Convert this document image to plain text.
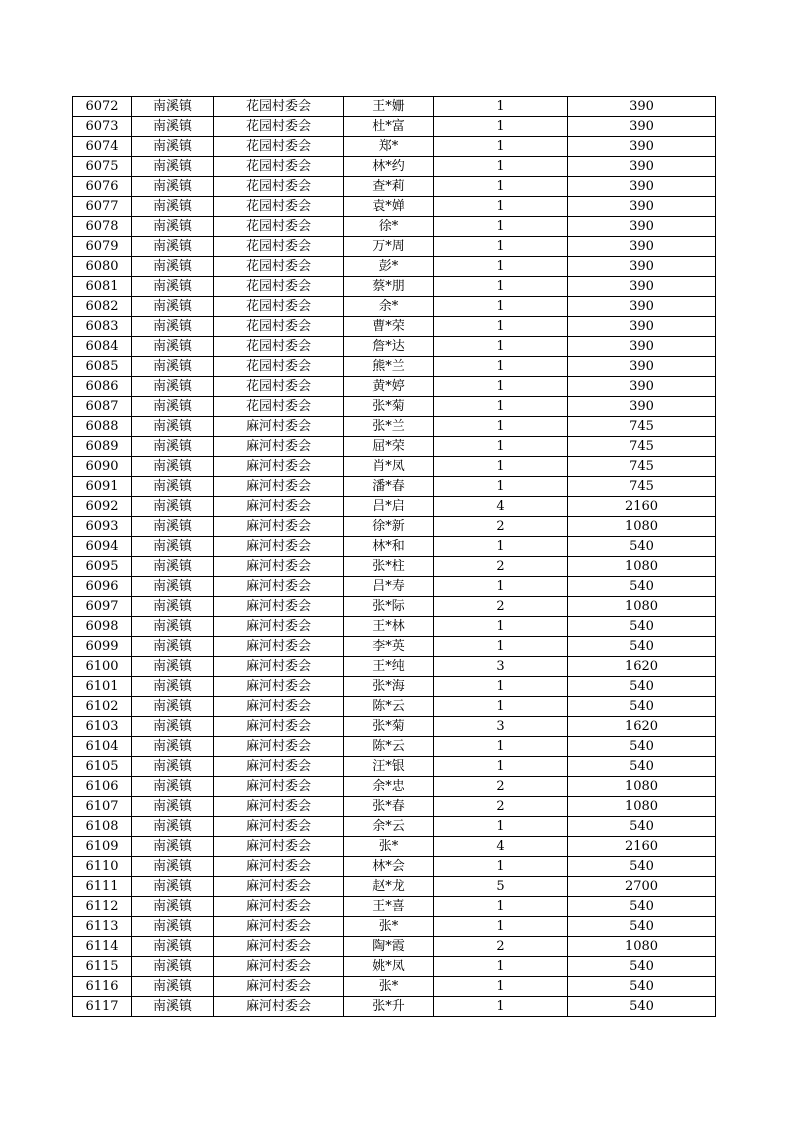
6072	南溪镇	花园村委会	王*姗	1	390
6073	南溪镇	花园村委会	杜*富	1	390
6074	南溪镇	花园村委会	郑*	1	390
6075	南溪镇	花园村委会	林*约	1	390
6076	南溪镇	花园村委会	查*莉	1	390
6077	南溪镇	花园村委会	袁*婵	1	390
6078	南溪镇	花园村委会	徐*	1	390
6079	南溪镇	花园村委会	万*周	1	390
6080	南溪镇	花园村委会	彭*	1	390
6081	南溪镇	花园村委会	蔡*朋	1	390
6082	南溪镇	花园村委会	余*	1	390
6083	南溪镇	花园村委会	曹*荣	1	390
6084	南溪镇	花园村委会	詹*达	1	390
6085	南溪镇	花园村委会	熊*兰	1	390
6086	南溪镇	花园村委会	黄*婷	1	390
6087	南溪镇	花园村委会	张*菊	1	390
6088	南溪镇	麻河村委会	张*兰	1	745
6089	南溪镇	麻河村委会	屈*荣	1	745
6090	南溪镇	麻河村委会	肖*凤	1	745
6091	南溪镇	麻河村委会	潘*春	1	745
6092	南溪镇	麻河村委会	吕*启	4	2160
6093	南溪镇	麻河村委会	徐*新	2	1080
6094	南溪镇	麻河村委会	林*和	1	540
6095	南溪镇	麻河村委会	张*柱	2	1080
6096	南溪镇	麻河村委会	吕*寿	1	540
6097	南溪镇	麻河村委会	张*际	2	1080
6098	南溪镇	麻河村委会	王*林	1	540
6099	南溪镇	麻河村委会	李*英	1	540
6100	南溪镇	麻河村委会	王*纯	3	1620
6101	南溪镇	麻河村委会	张*海	1	540
6102	南溪镇	麻河村委会	陈*云	1	540
6103	南溪镇	麻河村委会	张*菊	3	1620
6104	南溪镇	麻河村委会	陈*云	1	540
6105	南溪镇	麻河村委会	汪*银	1	540
6106	南溪镇	麻河村委会	余*忠	2	1080
6107	南溪镇	麻河村委会	张*春	2	1080
6108	南溪镇	麻河村委会	余*云	1	540
6109	南溪镇	麻河村委会	张*	4	2160
6110	南溪镇	麻河村委会	林*会	1	540
6111	南溪镇	麻河村委会	赵*龙	5	2700
6112	南溪镇	麻河村委会	王*喜	1	540
6113	南溪镇	麻河村委会	张*	1	540
6114	南溪镇	麻河村委会	陶*霞	2	1080
6115	南溪镇	麻河村委会	姚*凤	1	540
6116	南溪镇	麻河村委会	张*	1	540
6117	南溪镇	麻河村委会	张*升	1	540
